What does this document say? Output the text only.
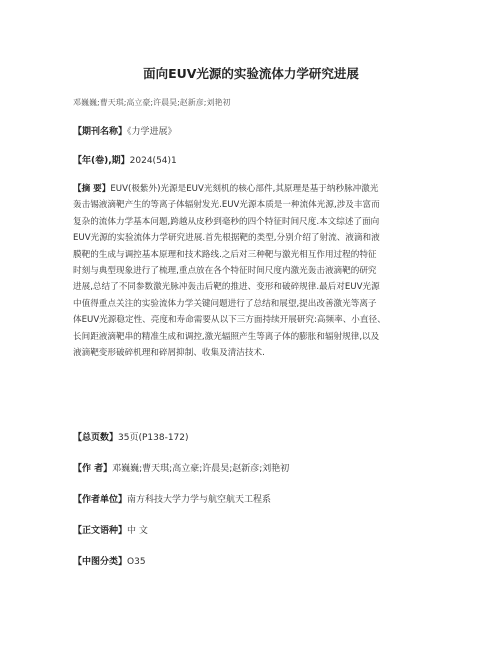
面向EUV光源的实验流体力学研究进展
邓巍巍;曹天琪;高立豪;许晨昊;赵新彦;刘艳初
【期刊名称】《力学进展》
【年(卷),期】2024(54)1
【摘 要】EUV(极紫外)光源是EUV光刻机的核心部件,其原理是基于纳秒脉冲激光
轰击锡液滴靶产生的等离子体辐射发光.EUV光源本质是一种流体光源,涉及丰富而
复杂的流体力学基本问题,跨越从皮秒到毫秒的四个特征时间尺度.本文综述了面向
EUV光源的实验流体力学研究进展.首先根据靶的类型,分别介绍了射流、液滴和液
膜靶的生成与调控基本原理和技术路线.之后对三种靶与激光相互作用过程的特征
时刻与典型现象进行了梳理,重点放在各个特征时间尺度内激光轰击液滴靶的研究
进展,总结了不同参数激光脉冲轰击后靶的推进、变形和破碎规律.最后对EUV光源
中值得重点关注的实验流体力学关键问题进行了总结和展望,提出改善激光等离子
体EUV光源稳定性、亮度和寿命需要从以下三方面持续开展研究:高频率、小直径、
长间距液滴靶串的精准生成和调控,激光辐照产生等离子体的膨胀和辐射规律,以及
液滴靶变形破碎机理和碎屑抑制、收集及清洁技术.
【总页数】35页(P138-172)
【作 者】邓巍巍;曹天琪;高立豪;许晨昊;赵新彦;刘艳初
【作者单位】南方科技大学力学与航空航天工程系
【正文语种】中 文
【中图分类】O35
